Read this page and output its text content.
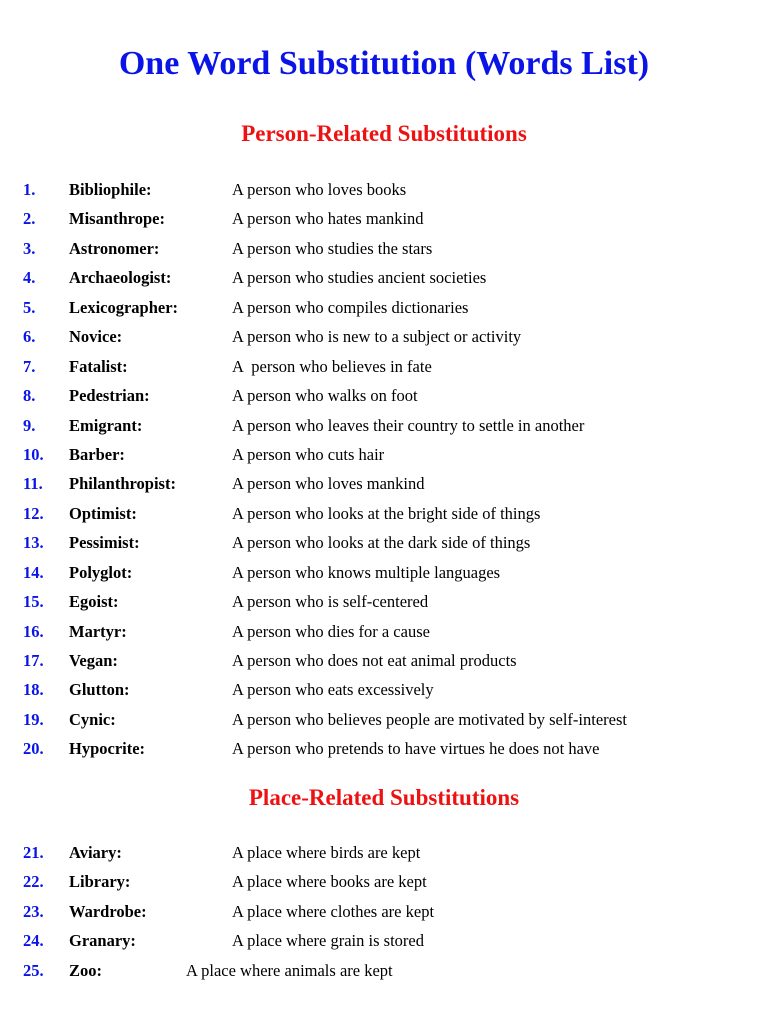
One Word Substitution (Words List)
Person-Related Substitutions
1. Bibliophile:	A person who loves books
2. Misanthrope:	A person who hates mankind
3. Astronomer:	A person who studies the stars
4. Archaeologist:	A person who studies ancient societies
5. Lexicographer:	A person who compiles dictionaries
6. Novice:	A person who is new to a subject or activity
7. Fatalist:	A  person who believes in fate
8. Pedestrian:	A person who walks on foot
9. Emigrant:	A person who leaves their country to settle in another
10. Barber:	A person who cuts hair
11. Philanthropist:	A person who loves mankind
12. Optimist:	A person who looks at the bright side of things
13. Pessimist:	A person who looks at the dark side of things
14. Polyglot:	A person who knows multiple languages
15. Egoist:	A person who is self-centered
16. Martyr:	A person who dies for a cause
17. Vegan:	A person who does not eat animal products
18. Glutton:	A person who eats excessively
19. Cynic:	A person who believes people are motivated by self-interest
20. Hypocrite:	A person who pretends to have virtues he does not have
Place-Related Substitutions
21. Aviary:	A place where birds are kept
22. Library:	A place where books are kept
23. Wardrobe:	A place where clothes are kept
24. Granary:	A place where grain is stored
25. Zoo:	A place where animals are kept
